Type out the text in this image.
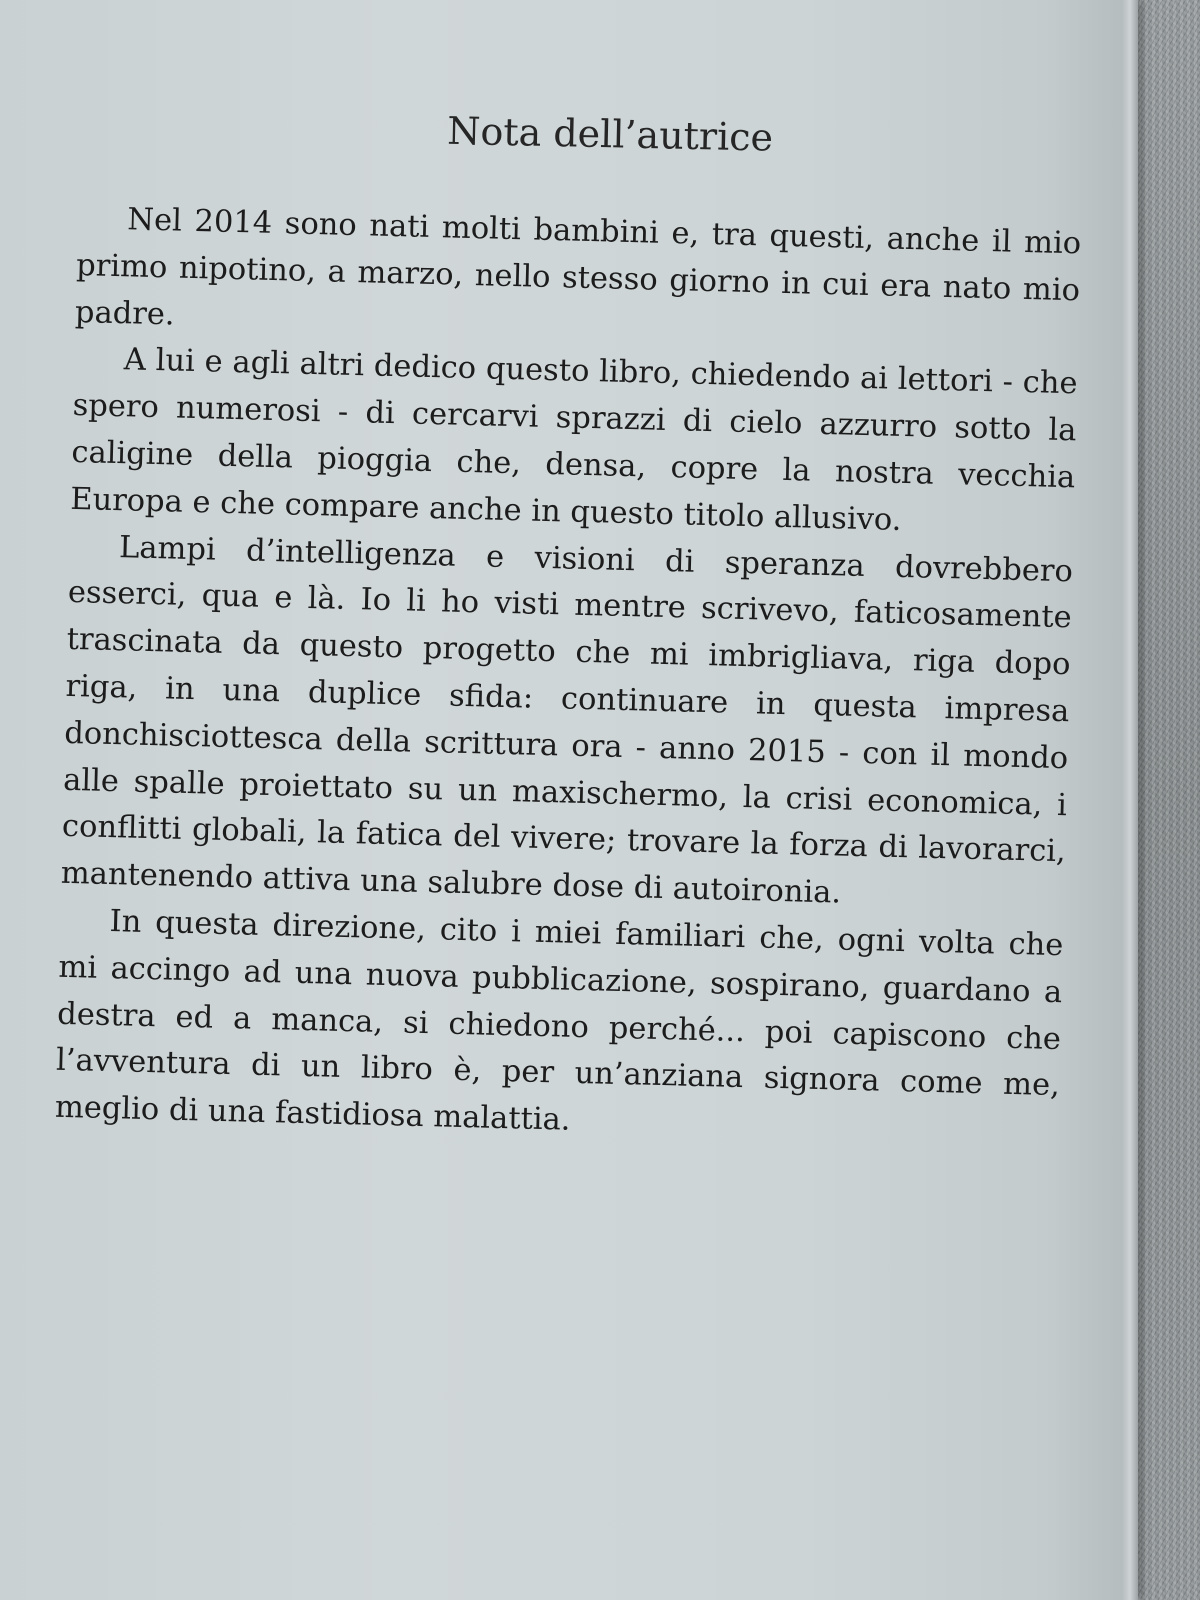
Nota dell’autrice

Nel 2014 sono nati molti bambini e, tra questi, anche il mio primo nipotino, a marzo, nello stesso giorno in cui era nato mio padre.

A lui e agli altri dedico questo libro, chiedendo ai lettori - che spero numerosi - di cercarvi sprazzi di cielo azzurro sotto la caligine della pioggia che, densa, copre la nostra vecchia Europa e che compare anche in questo titolo allusivo.

Lampi d’intelligenza e visioni di speranza dovrebbero esserci, qua e là. Io li ho visti mentre scrivevo, faticosamente trascinata da questo progetto che mi imbrigliava, riga dopo riga, in una duplice sfida: continuare in questa impresa donchisciottesca della scrittura ora - anno 2015 - con il mondo alle spalle proiettato su un maxischermo, la crisi economica, i conflitti globali, la fatica del vivere; trovare la forza di lavorarci, mantenendo attiva una salubre dose di autoironia.

In questa direzione, cito i miei familiari che, ogni volta che mi accingo ad una nuova pubblicazione, sospirano, guardano a destra ed a manca, si chiedono perché... poi capiscono che l’avventura di un libro è, per un’anziana signora come me, meglio di una fastidiosa malattia.
